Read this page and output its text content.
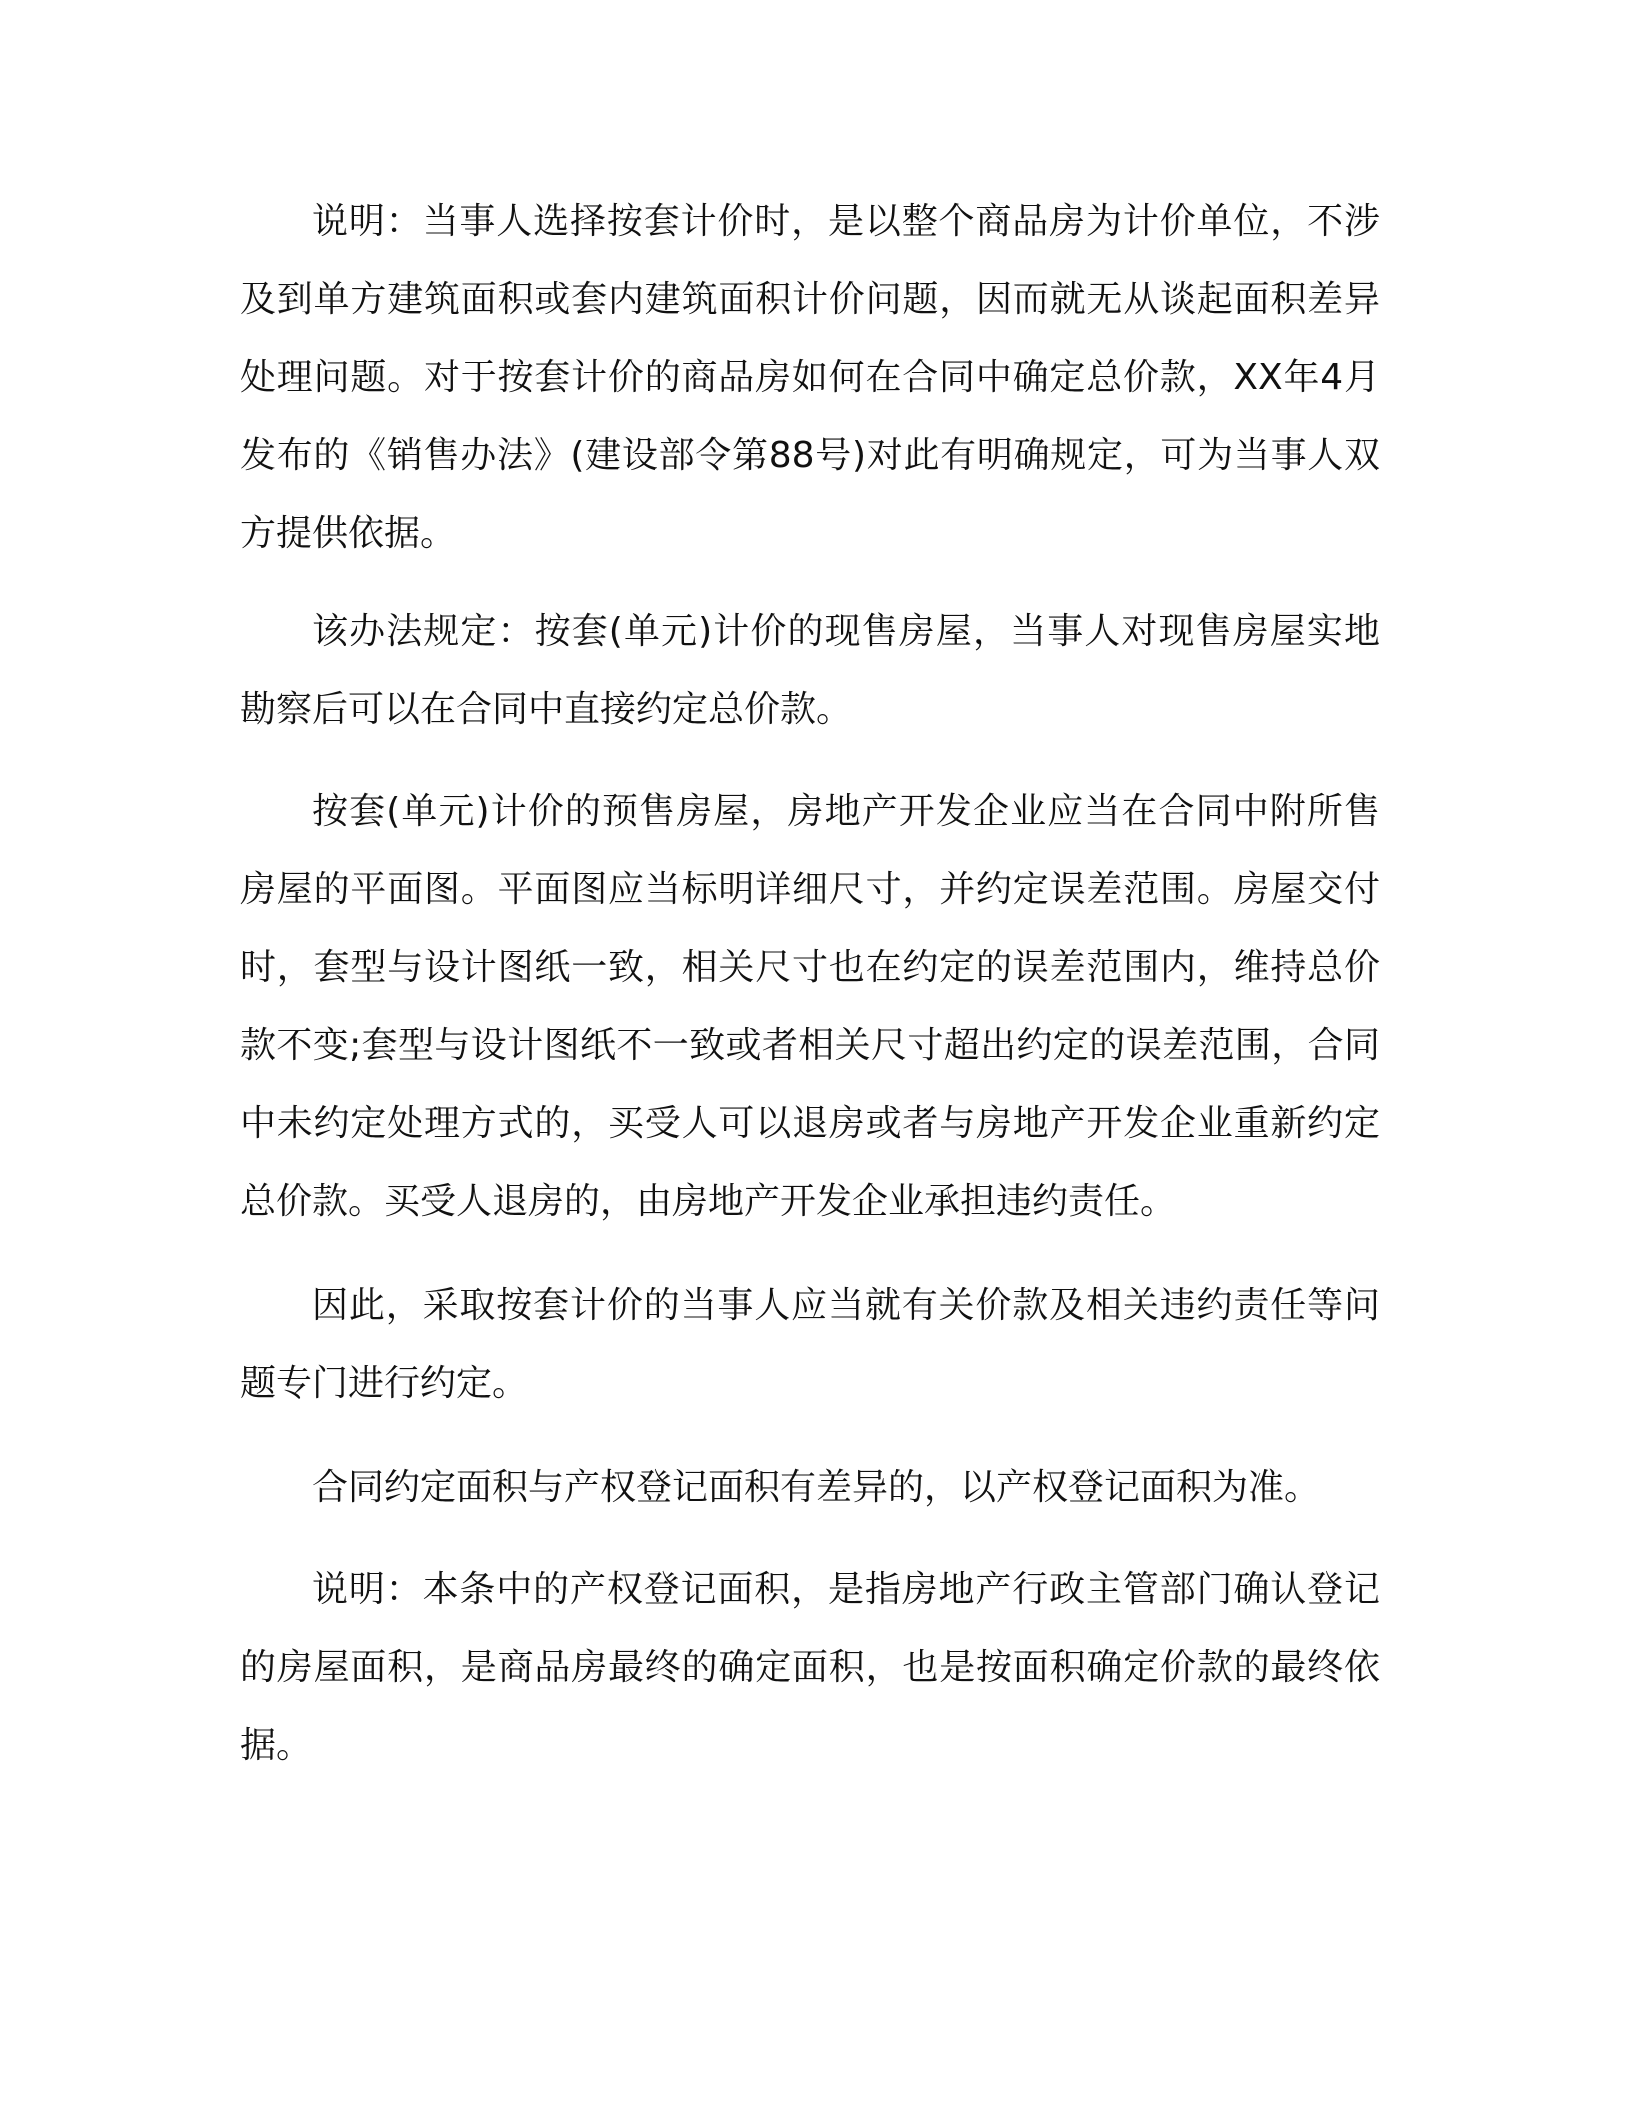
说明：当事人选择按套计价时，是以整个商品房为计价单位，不涉及到单方建筑面积或套内建筑面积计价问题，因而就无从谈起面积差异处理问题。对于按套计价的商品房如何在合同中确定总价款，XX年4月发布的《销售办法》(建设部令第88号)对此有明确规定，可为当事人双方提供依据。

该办法规定：按套(单元)计价的现售房屋，当事人对现售房屋实地勘察后可以在合同中直接约定总价款。

按套(单元)计价的预售房屋，房地产开发企业应当在合同中附所售房屋的平面图。平面图应当标明详细尺寸，并约定误差范围。房屋交付时，套型与设计图纸一致，相关尺寸也在约定的误差范围内，维持总价款不变;套型与设计图纸不一致或者相关尺寸超出约定的误差范围，合同中未约定处理方式的，买受人可以退房或者与房地产开发企业重新约定总价款。买受人退房的，由房地产开发企业承担违约责任。

因此，采取按套计价的当事人应当就有关价款及相关违约责任等问题专门进行约定。

合同约定面积与产权登记面积有差异的，以产权登记面积为准。

说明：本条中的产权登记面积，是指房地产行政主管部门确认登记的房屋面积，是商品房最终的确定面积，也是按面积确定价款的最终依据。
